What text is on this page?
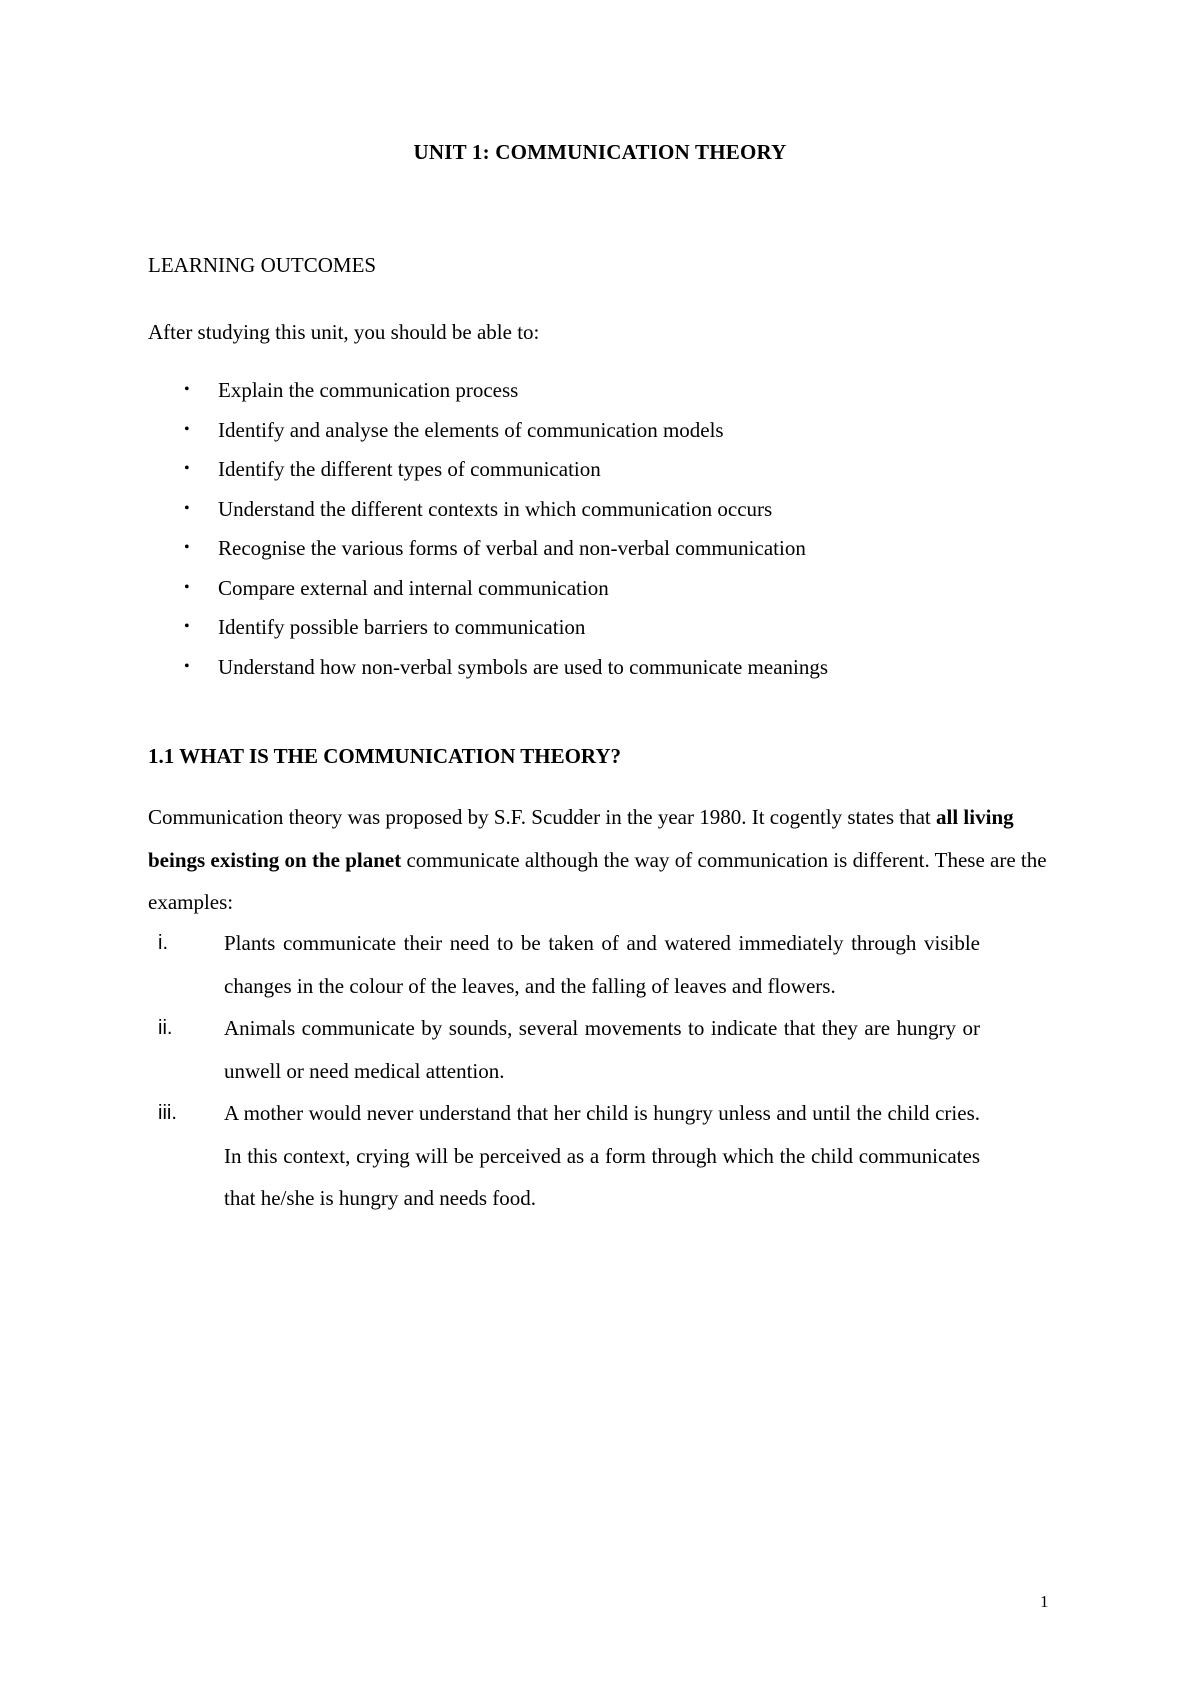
UNIT 1: COMMUNICATION THEORY
LEARNING OUTCOMES
After studying this unit, you should be able to:
• Explain the communication process
• Identify and analyse the elements of communication models
• Identify the different types of communication
• Understand the different contexts in which communication occurs
• Recognise the various forms of verbal and non-verbal communication
• Compare external and internal communication
• Identify possible barriers to communication
• Understand how non-verbal symbols are used to communicate meanings
1.1 WHAT IS THE COMMUNICATION THEORY?
Communication theory was proposed by S.F. Scudder in the year 1980. It cogently states that all living beings existing on the planet communicate although the way of communication is different. These are the examples:
i.	Plants communicate their need to be taken of and watered immediately through visible changes in the colour of the leaves, and the falling of leaves and flowers.
ii. Animals communicate by sounds, several movements to indicate that they are hungry or unwell or need medical attention.
iii. A mother would never understand that her child is hungry unless and until the child cries. In this context, crying will be perceived as a form through which the child communicates that he/she is hungry and needs food.
1
